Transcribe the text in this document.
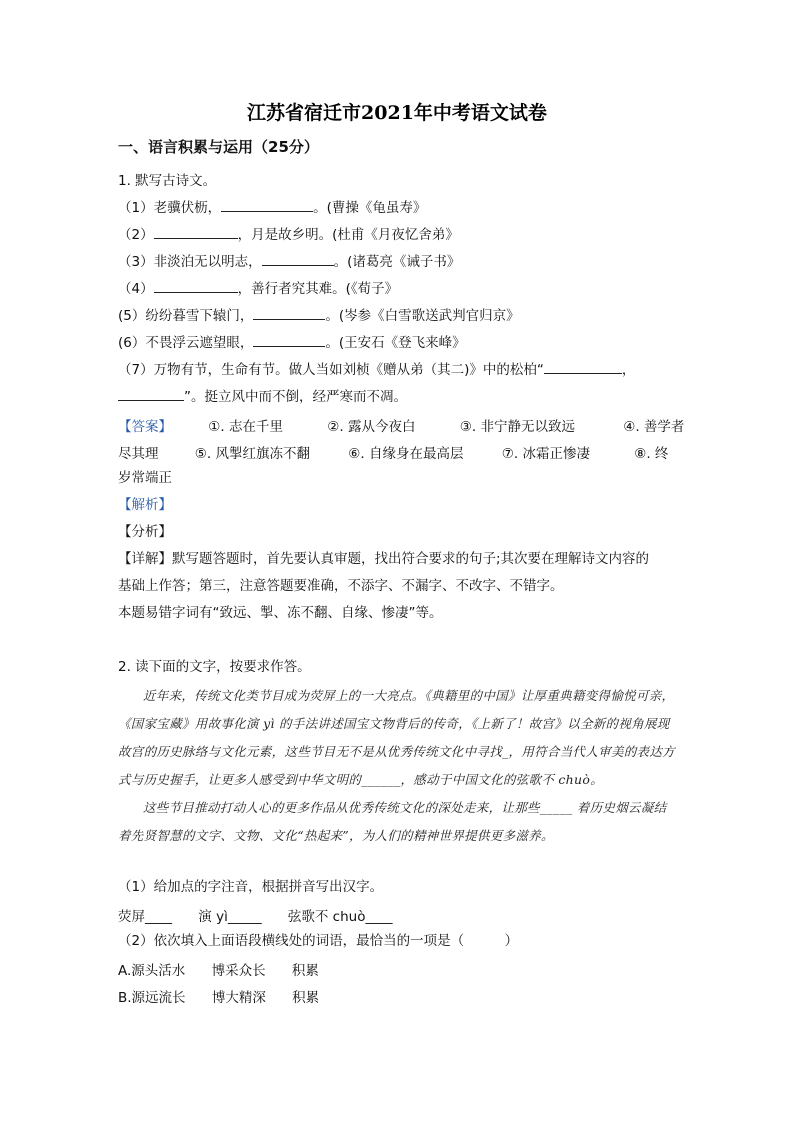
江苏省宿迁市2021年中考语文试卷
一、语言积累与运用（25分）
1. 默写古诗文。
（1）老骥伏枥，	。(曹操《龟虽寿》
（2）	，月是故乡明。(杜甫《月夜忆舍弟》
（3）非淡泊无以明志，	。(诸葛亮《诫子书》
（4）	，善行者究其难。(《荀子》
(5）纷纷暮雪下辕门，	。(岑参《白雪歌送武判官归京》
(6）不畏浮云遮望眼，	。(王安石《登飞来峰》
（7）万物有节，生命有节。做人当如刘桢《赠从弟（其二)》中的松柏“	，
”。挺立风中而不倒，经严寒而不凋。
【答案】	①. 志在千里	②. 露从今夜白	③. 非宁静无以致远	④. 善学者
尽其理	⑤. 风掣红旗冻不翻	⑥. 自缘身在最高层	⑦. 冰霜正惨凄	⑧. 终
岁常端正
【解析】
【分析】
【详解】默写题答题时，首先要认真审题，找出符合要求的句子;其次要在理解诗文内容的
基础上作答；第三，注意答题要准确，不添字、不漏字、不改字、不错字。
本题易错字词有“致远、掣、冻不翻、自缘、惨凄”等。
2. 读下面的文字，按要求作答。

近年来，传统文化类节目成为荧屏上的一大亮点。《典籍里的中国》让厚重典籍变得愉悦可亲，《国家宝藏》用故事化演 yì 的手法讲述国宝文物背后的传奇，《上新了！故宫》以全新的视角展现故宫的历史脉络与文化元素，这些节目无不是从优秀传统文化中寻找_，用符合当代人审美的表达方式与历史握手，让更多人感受到中华文明的______，感动于中国文化的弦歌不 chuò。

这些节目推动打动人心的更多作品从优秀传统文化的深处走来，让那些_____ 着历史烟云凝结着先贤智慧的文字、文物、文化“热起来”，为人们的精神世界提供更多滋养。

（1）给加点的字注音，根据拼音写出汉字。
荧屏____ 演 yì_____ 弦歌不 chuò____
（2）依次填入上面语段横线处的词语，最恰当的一项是（　　　）
A.源头活水 博采众长 积累
B.源远流长 博大精深 积累
